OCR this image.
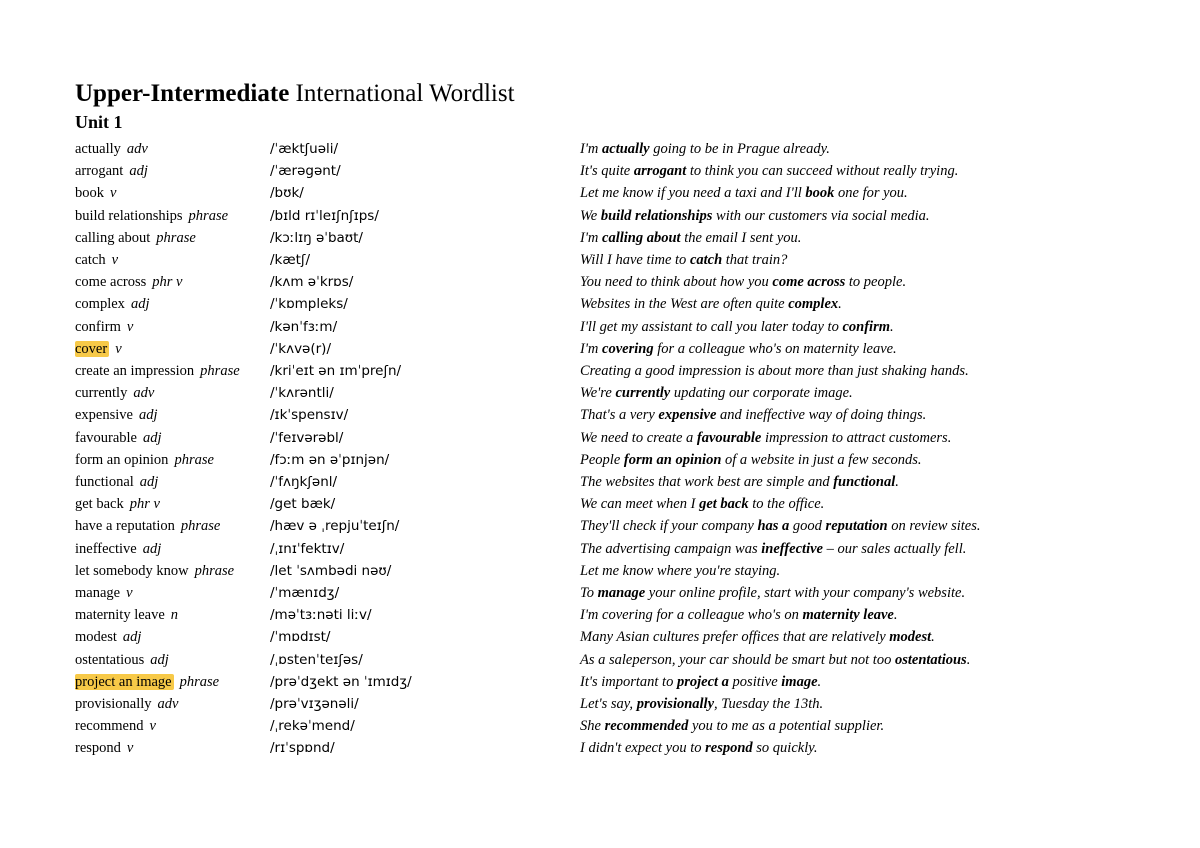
Upper-Intermediate International Wordlist
Unit 1
actually adv	/ˈæktʃuəli/	I'm actually going to be in Prague already.
arrogant adj	/ˈærəgənt/	It's quite arrogant to think you can succeed without really trying.
book v	/bʊk/	Let me know if you need a taxi and I'll book one for you.
build relationships phrase	/bɪld rɪˈleɪʃnʃɪps/	We build relationships with our customers via social media.
calling about phrase	/kɔːlɪŋ əˈbaʊt/	I'm calling about the email I sent you.
catch v	/kætʃ/	Will I have time to catch that train?
come across phr v	/kʌm əˈkrɒs/	You need to think about how you come across to people.
complex adj	/ˈkɒmpleks/	Websites in the West are often quite complex.
confirm v	/kənˈfɜːm/	I'll get my assistant to call you later today to confirm.
cover v	/ˈkʌvə(r)/	I'm covering for a colleague who's on maternity leave.
create an impression phrase /kriˈeɪt ən ɪmˈpreʃn/	Creating a good impression is about more than just shaking hands.
currently adv	/ˈkʌrəntli/	We're currently updating our corporate image.
expensive adj	/ɪkˈspensɪv/	That's a very expensive and ineffective way of doing things.
favourable adj	/ˈfeɪvərəbl/	We need to create a favourable impression to attract customers.
form an opinion phrase	/fɔːm ən əˈpɪnjən/	People form an opinion of a website in just a few seconds.
functional adj	/ˈfʌŋkʃənl/	The websites that work best are simple and functional.
get back phr v	/get bæk/	We can meet when I get back to the office.
have a reputation phrase	/hæv ə ˌrepjuˈteɪʃn/	They'll check if your company has a good reputation on review sites.
ineffective adj	/ˌɪnɪˈfektɪv/	The advertising campaign was ineffective – our sales actually fell.
let somebody know phrase	/let ˈsʌmbədi nəʊ/	Let me know where you're staying.
manage v	/ˈmænɪdʒ/	To manage your online profile, start with your company's website.
maternity leave n	/məˈtɜːnəti liːv/	I'm covering for a colleague who's on maternity leave.
modest adj	/ˈmɒdɪst/	Many Asian cultures prefer offices that are relatively modest.
ostentatious adj	/ˌɒstenˈteɪʃəs/	As a saleperson, your car should be smart but not too ostentatious.
project an image phrase	/prəˈdʒekt ən ˈɪmɪdʒ/	It's important to project a positive image.
provisionally adv	/prəˈvɪʒənəli/	Let's say, provisionally, Tuesday the 13th.
recommend v	/ˌrekəˈmend/	She recommended you to me as a potential supplier.
respond v	/rɪˈspɒnd/	I didn't expect you to respond so quickly.
